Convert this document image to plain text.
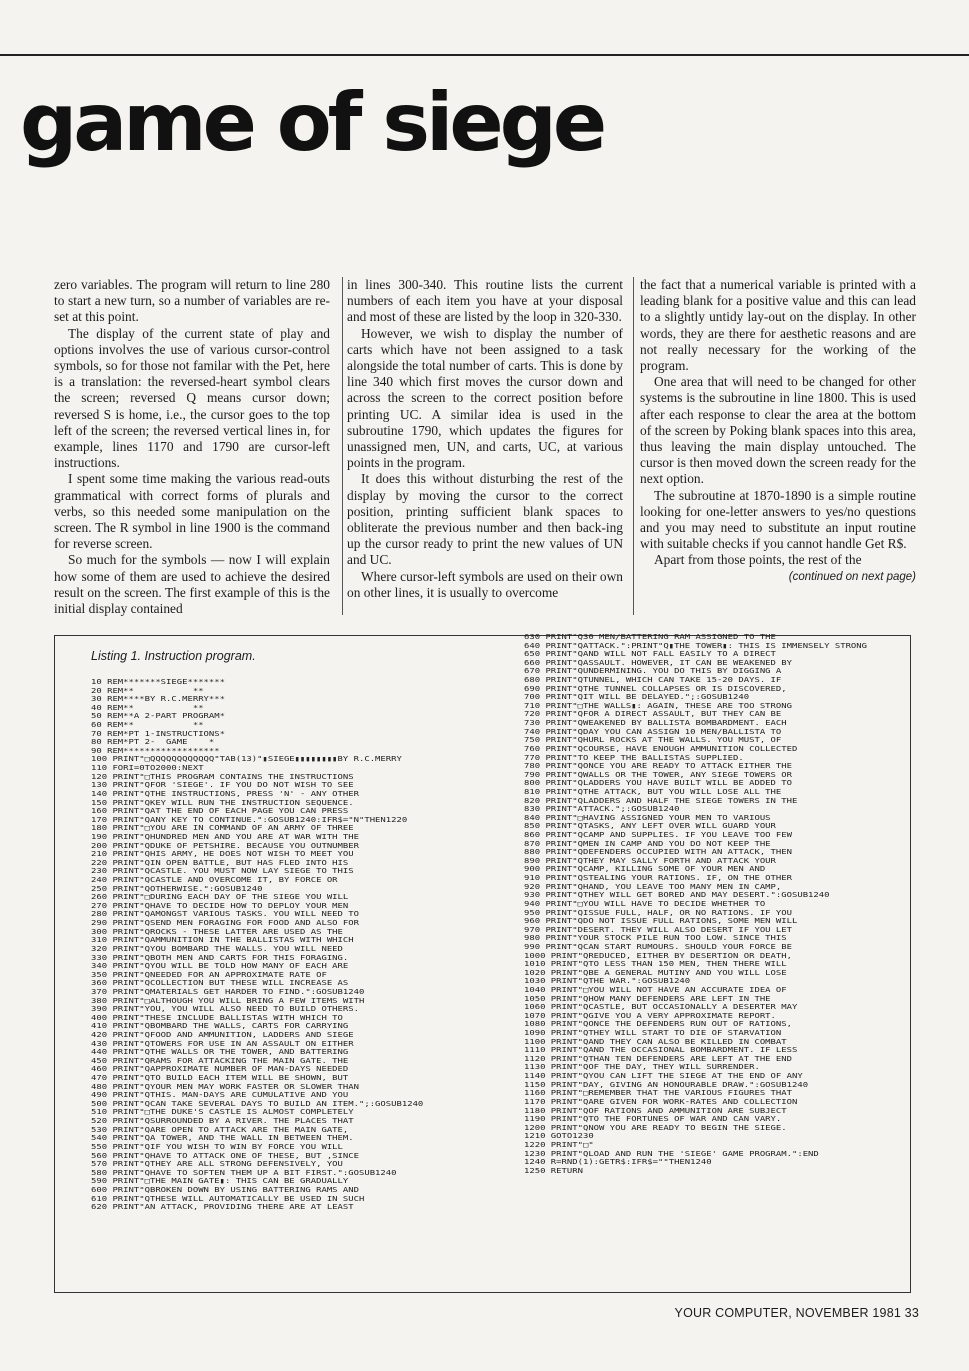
game of siege

zero variables. The program will return to line 280 to start a new turn, so a number of variables are re-set at this point.

The display of the current state of play and options involves the use of various cursor-control symbols, so for those not familar with the Pet, here is a translation: the reversed-heart symbol clears the screen; reversed Q means cursor down; reversed S is home, i.e., the cursor goes to the top left of the screen; the reversed vertical lines in, for example, lines 1170 and 1790 are cursor-left instructions.

I spent some time making the various read-outs grammatical with correct forms of plurals and verbs, so this needed some manipulation on the screen. The R symbol in line 1900 is the command for reverse screen.

So much for the symbols — now I will explain how some of them are used to achieve the desired result on the screen. The first example of this is the initial display contained

in lines 300-340. This routine lists the current numbers of each item you have at your disposal and most of these are listed by the loop in 320-330.

However, we wish to display the number of carts which have not been assigned to a task alongside the total number of carts. This is done by line 340 which first moves the cursor down and across the screen to the correct position before printing UC. A similar idea is used in the subroutine 1790, which updates the figures for unassigned men, UN, and carts, UC, at various points in the program.

It does this without disturbing the rest of the display by moving the cursor to the correct position, printing sufficient blank spaces to obliterate the previous number and then back-ing up the cursor ready to print the new values of UN and UC.

Where cursor-left symbols are used on their own on other lines, it is usually to overcome

the fact that a numerical variable is printed with a leading blank for a positive value and this can lead to a slightly untidy lay-out on the display. In other words, they are there for aesthetic reasons and are not really necessary for the working of the program.

One area that will need to be changed for other systems is the subroutine in line 1800. This is used after each response to clear the area at the bottom of the screen by Poking blank spaces into this area, thus leaving the main display untouched. The cursor is then moved down the screen ready for the next option.

The subroutine at 1870-1890 is a simple routine looking for one-letter answers to yes/no questions and you may need to substitute an input routine with suitable checks if you cannot handle Get R$.

Apart from those points, the rest of the

(continued on next page)

Listing 1. Instruction program.

10 REM*******SIEGE*******
20 REM**           **
30 REM****BY R.C.MERRY***
40 REM**           **
50 REM**A 2-PART PROGRAM*
60 REM**           **
70 REM*PT 1-INSTRUCTIONS*
80 REM*PT 2-  GAME    *
90 REM******************
100 PRINT"□QQQQQQQQQQQQ"TAB(13)"▮SIEGE▮▮▮▮▮▮▮▮BY R.C.MERRY
110 FORI=0TO2000:NEXT
120 PRINT"□THIS PROGRAM CONTAINS THE INSTRUCTIONS
130 PRINT"QFOR 'SIEGE'. IF YOU DO NOT WISH TO SEE
140 PRINT"QTHE INSTRUCTIONS, PRESS 'N' - ANY OTHER
150 PRINT"QKEY WILL RUN THE INSTRUCTION SEQUENCE.
160 PRINT"QAT THE END OF EACH PAGE YOU CAN PRESS
170 PRINT"QANY KEY TO CONTINUE.":GOSUB1240:IFR$="N"THEN1220
180 PRINT"□YOU ARE IN COMMAND OF AN ARMY OF THREE
190 PRINT"QHUNDRED MEN AND YOU ARE AT WAR WITH THE
200 PRINT"QDUKE OF PETSHIRE. BECAUSE YOU OUTNUMBER
210 PRINT"QHIS ARMY, HE DOES NOT WISH TO MEET YOU
220 PRINT"QIN OPEN BATTLE, BUT HAS FLED INTO HIS
230 PRINT"QCASTLE. YOU MUST NOW LAY SIEGE TO THIS
240 PRINT"QCASTLE AND OVERCOME IT, BY FORCE OR
250 PRINT"QOTHERWISE.":GOSUB1240
260 PRINT"□DURING EACH DAY OF THE SIEGE YOU WILL
270 PRINT"QHAVE TO DECIDE HOW TO DEPLOY YOUR MEN
280 PRINT"QAMONGST VARIOUS TASKS. YOU WILL NEED TO
290 PRINT"QSEND MEN FORAGING FOR FOOD AND ALSO FOR
300 PRINT"QROCKS - THESE LATTER ARE USED AS THE
310 PRINT"QAMMUNITION IN THE BALLISTAS WITH WHICH
320 PRINT"QYOU BOMBARD THE WALLS. YOU WILL NEED
330 PRINT"QBOTH MEN AND CARTS FOR THIS FORAGING.
340 PRINT"QYOU WILL BE TOLD HOW MANY OF EACH ARE
350 PRINT"QNEEDED FOR AN APPROXIMATE RATE OF
360 PRINT"QCOLLECTION BUT THESE WILL INCREASE AS
370 PRINT"QMATERIALS GET HARDER TO FIND.":GOSUB1240
380 PRINT"□ALTHOUGH YOU WILL BRING A FEW ITEMS WITH
390 PRINT"YOU, YOU WILL ALSO NEED TO BUILD OTHERS.
400 PRINT"THESE INCLUDE BALLISTAS WITH WHICH TO
410 PRINT"QBOMBARD THE WALLS, CARTS FOR CARRYING
420 PRINT"QFOOD AND AMMUNITION, LADDERS AND SIEGE
430 PRINT"QTOWERS FOR USE IN AN ASSAULT ON EITHER
440 PRINT"QTHE WALLS OR THE TOWER, AND BATTERING
450 PRINT"QRAMS FOR ATTACKING THE MAIN GATE. THE
460 PRINT"QAPPROXIMATE NUMBER OF MAN-DAYS NEEDED
470 PRINT"QTO BUILD EACH ITEM WILL BE SHOWN, BUT
480 PRINT"QYOUR MEN MAY WORK FASTER OR SLOWER THAN
490 PRINT"QTHIS. MAN-DAYS ARE CUMULATIVE AND YOU
500 PRINT"QCAN TAKE SEVERAL DAYS TO BUILD AN ITEM.";:GOSUB1240
510 PRINT"□THE DUKE'S CASTLE IS ALMOST COMPLETELY
520 PRINT"QSURROUNDED BY A RIVER. THE PLACES THAT
530 PRINT"QARE OPEN TO ATTACK ARE THE MAIN GATE,
540 PRINT"QA TOWER, AND THE WALL IN BETWEEN THEM.
550 PRINT"QIF YOU WISH TO WIN BY FORCE YOU WILL
560 PRINT"QHAVE TO ATTACK ONE OF THESE, BUT ,SINCE
570 PRINT"QTHEY ARE ALL STRONG DEFENSIVELY, YOU
580 PRINT"QHAVE TO SOFTEN THEM UP A BIT FIRST.":GOSUB1240
590 PRINT"□THE MAIN GATE▮: THIS CAN BE GRADUALLY
600 PRINT"QBROKEN DOWN BY USING BATTERING RAMS AND
610 PRINT"QTHESE WILL AUTOMATICALLY BE USED IN SUCH
620 PRINT"AN ATTACK, PROVIDING THERE ARE AT LEAST
630 PRINT"Q30 MEN/BATTERING RAM ASSIGNED TO THE
640 PRINT"QATTACK.":PRINT"Q▮THE TOWER▮: THIS IS IMMENSELY STRONG
650 PRINT"QAND WILL NOT FALL EASILY TO A DIRECT
660 PRINT"QASSAULT. HOWEVER, IT CAN BE WEAKENED BY
670 PRINT"QUNDERMINING. YOU DO THIS BY DIGGING A
680 PRINT"QTUNNEL, WHICH CAN TAKE 15-20 DAYS. IF
690 PRINT"QTHE TUNNEL COLLAPSES OR IS DISCOVERED,
700 PRINT"QIT WILL BE DELAYED.";:GOSUB1240
710 PRINT"□THE WALLS▮: AGAIN, THESE ARE TOO STRONG
720 PRINT"QFOR A DIRECT ASSAULT, BUT THEY CAN BE
730 PRINT"QWEAKENED BY BALLISTA BOMBARDMENT. EACH
740 PRINT"QDAY YOU CAN ASSIGN 10 MEN/BALLISTA TO
750 PRINT"QHURL ROCKS AT THE WALLS. YOU MUST, OF
760 PRINT"QCOURSE, HAVE ENOUGH AMMUNITION COLLECTED
770 PRINT"TO KEEP THE BALLISTAS SUPPLIED.
780 PRINT"QONCE YOU ARE READY TO ATTACK EITHER THE
790 PRINT"QWALLS OR THE TOWER, ANY SIEGE TOWERS OR
800 PRINT"QLADDERS YOU HAVE BUILT WILL BE ADDED TO
810 PRINT"QTHE ATTACK, BUT YOU WILL LOSE ALL THE
820 PRINT"QLADDERS AND HALF THE SIEGE TOWERS IN THE
830 PRINT"ATTACK.";:GOSUB1240
840 PRINT"□HAVING ASSIGNED YOUR MEN TO VARIOUS
850 PRINT"QTASKS, ANY LEFT OVER WILL GUARD YOUR
860 PRINT"QCAMP AND SUPPLIES. IF YOU LEAVE TOO FEW
870 PRINT"QMEN IN CAMP AND YOU DO NOT KEEP THE
880 PRINT"QDEFENDERS OCCUPIED WITH AN ATTACK, THEN
890 PRINT"QTHEY MAY SALLY FORTH AND ATTACK YOUR
900 PRINT"QCAMP, KILLING SOME OF YOUR MEN AND
910 PRINT"QSTEALING YOUR RATIONS. IF, ON THE OTHER
920 PRINT"QHAND, YOU LEAVE TOO MANY MEN IN CAMP,
930 PRINT"QTHEY WILL GET BORED AND MAY DESERT.":GOSUB1240
940 PRINT"□YOU WILL HAVE TO DECIDE WHETHER TO
950 PRINT"QISSUE FULL, HALF, OR NO RATIONS. IF YOU
960 PRINT"QDO NOT ISSUE FULL RATIONS, SOME MEN WILL
970 PRINT"DESERT. THEY WILL ALSO DESERT IF YOU LET
980 PRINT"YOUR STOCK PILE RUN TOO LOW. SINCE THIS
990 PRINT"QCAN START RUMOURS. SHOULD YOUR FORCE BE
1000 PRINT"QREDUCED, EITHER BY DESERTION OR DEATH,
1010 PRINT"QTO LESS THAN 150 MEN, THEN THERE WILL
1020 PRINT"QBE A GENERAL MUTINY AND YOU WILL LOSE
1030 PRINT"QTHE WAR.":GOSUB1240
1040 PRINT"□YOU WILL NOT HAVE AN ACCURATE IDEA OF
1050 PRINT"QHOW MANY DEFENDERS ARE LEFT IN THE
1060 PRINT"QCASTLE, BUT OCCASIONALLY A DESERTER MAY
1070 PRINT"QGIVE YOU A VERY APPROXIMATE REPORT.
1080 PRINT"QONCE THE DEFENDERS RUN OUT OF RATIONS,
1090 PRINT"QTHEY WILL START TO DIE OF STARVATION
1100 PRINT"QAND THEY CAN ALSO BE KILLED IN COMBAT
1110 PRINT"QAND THE OCCASIONAL BOMBARDMENT. IF LESS
1120 PRINT"QTHAN TEN DEFENDERS ARE LEFT AT THE END
1130 PRINT"QOF THE DAY, THEY WILL SURRENDER.
1140 PRINT"QYOU CAN LIFT THE SIEGE AT THE END OF ANY
1150 PRINT"DAY, GIVING AN HONOURABLE DRAW.":GOSUB1240
1160 PRINT"□REMEMBER THAT THE VARIOUS FIGURES THAT
1170 PRINT"QARE GIVEN FOR WORK-RATES AND COLLECTION
1180 PRINT"QOF RATIONS AND AMMUNITION ARE SUBJECT
1190 PRINT"QTO THE FORTUNES OF WAR AND CAN VARY.
1200 PRINT"QNOW YOU ARE READY TO BEGIN THE SIEGE.
1210 GOTO1230
1220 PRINT"□"
1230 PRINT"QLOAD AND RUN THE 'SIEGE' GAME PROGRAM.":END
1240 R=RND(1):GETR$:IFR$=""THEN1240
1250 RETURN

YOUR COMPUTER, NOVEMBER 1981 33
